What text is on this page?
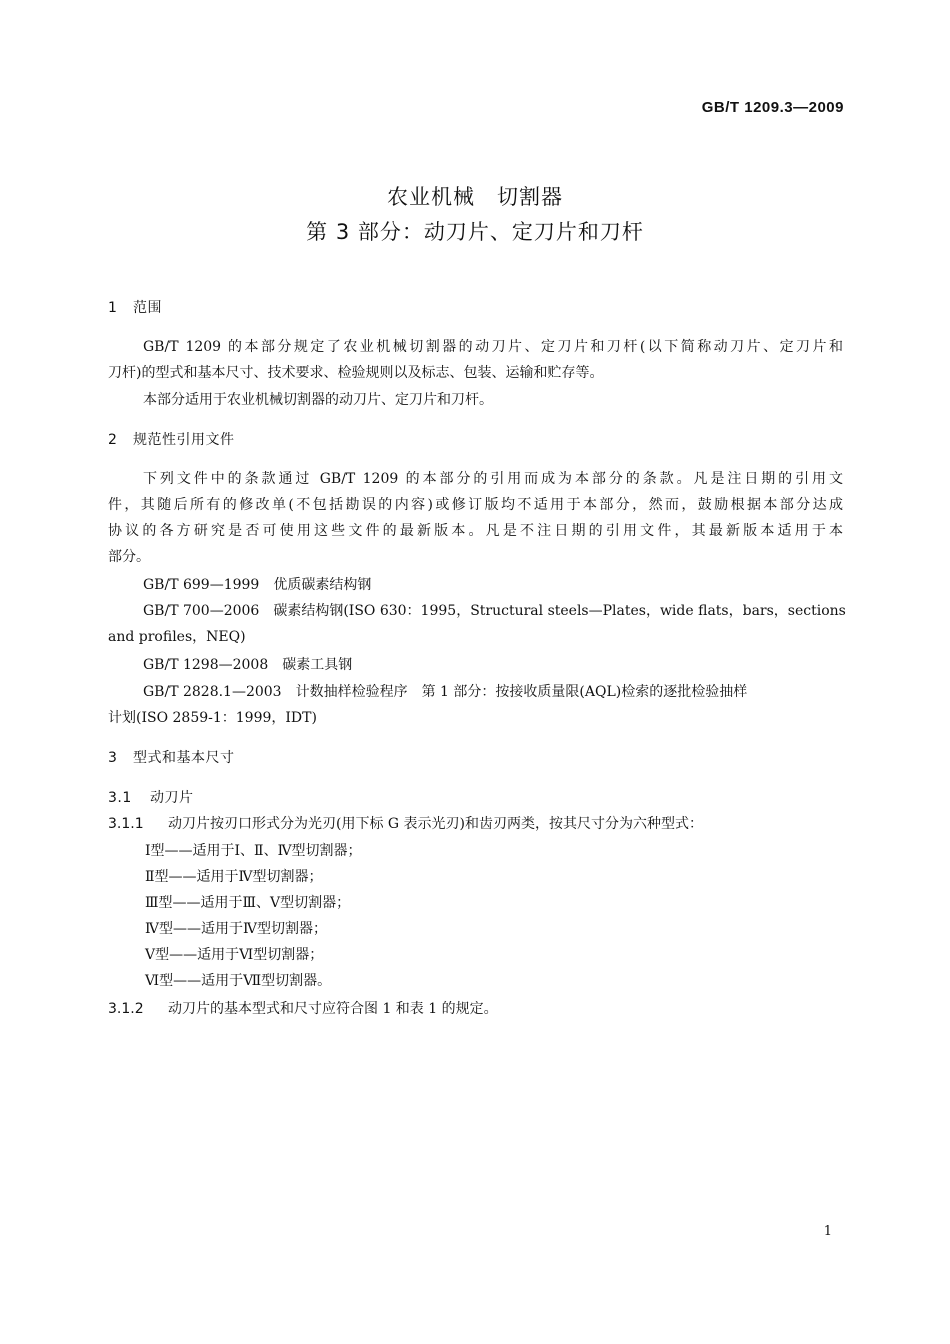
GB/T 1209.3—2009
农业机械　切割器
第 3 部分：动刀片、定刀片和刀杆
1 范围
GB/T 1209 的本部分规定了农业机械切割器的动刀片、定刀片和刀杆(以下简称动刀片、定刀片和
刀杆)的型式和基本尺寸、技术要求、检验规则以及标志、包装、运输和贮存等。
本部分适用于农业机械切割器的动刀片、定刀片和刀杆。
2 规范性引用文件
下列文件中的条款通过 GB/T 1209 的本部分的引用而成为本部分的条款。凡是注日期的引用文
件，其随后所有的修改单(不包括勘误的内容)或修订版均不适用于本部分，然而，鼓励根据本部分达成
协议的各方研究是否可使用这些文件的最新版本。凡是不注日期的引用文件，其最新版本适用于本
部分。
GB/T 699—1999 优质碳素结构钢
GB/T 700—2006 碳素结构钢(ISO 630：1995，Structural steels—Plates，wide flats，bars，sections
and profiles，NEQ)
GB/T 1298—2008 碳素工具钢
GB/T 2828.1—2003 计数抽样检验程序　第 1 部分：按接收质量限(AQL)检索的逐批检验抽样
计划(ISO 2859-1：1999，IDT)
3 型式和基本尺寸
3.1 动刀片
3.1.1 动刀片按刃口形式分为光刃(用下标 G 表示光刃)和齿刃两类，按其尺寸分为六种型式：
Ⅰ型——适用于Ⅰ、Ⅱ、Ⅳ型切割器；
Ⅱ型——适用于Ⅳ型切割器；
Ⅲ型——适用于Ⅲ、Ⅴ型切割器；
Ⅳ型——适用于Ⅳ型切割器；
Ⅴ型——适用于Ⅵ型切割器；
Ⅵ型——适用于Ⅶ型切割器。
3.1.2 动刀片的基本型式和尺寸应符合图 1 和表 1 的规定。
1
